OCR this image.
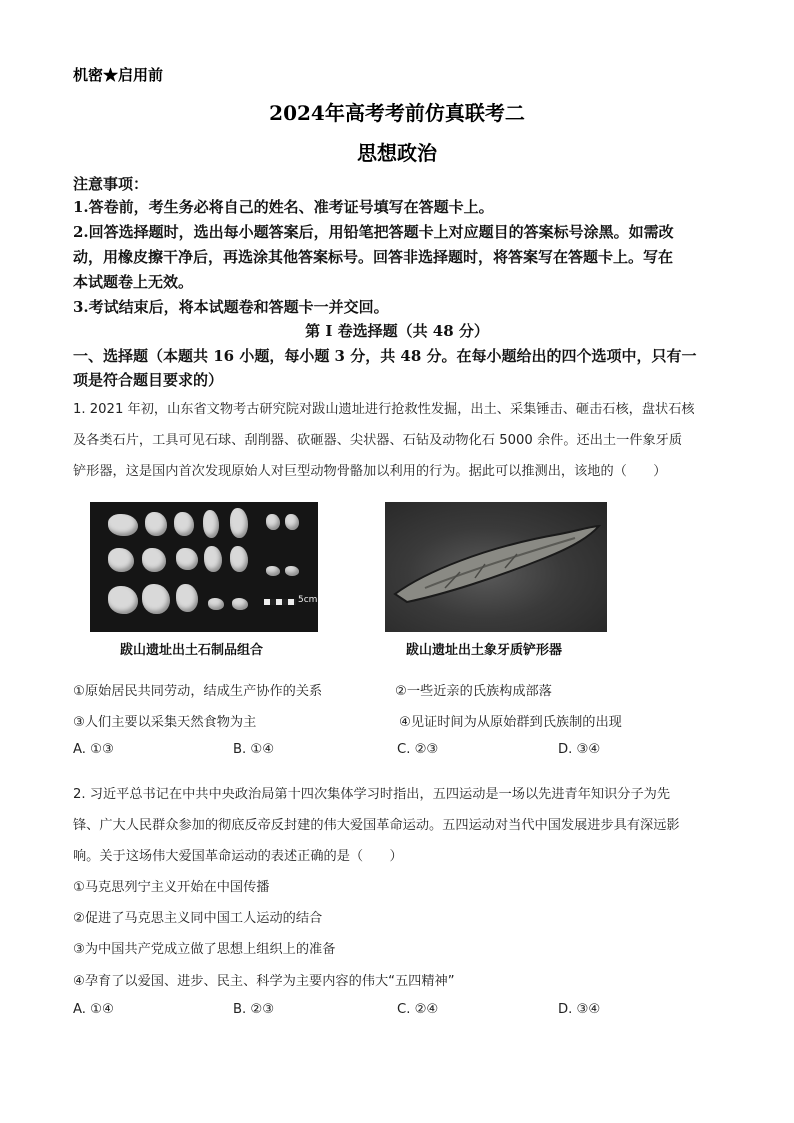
机密★启用前
2024年高考考前仿真联考二
思想政治
注意事项：
1.答卷前，考生务必将自己的姓名、准考证号填写在答题卡上。
2.回答选择题时，选出每小题答案后，用铅笔把答题卡上对应题目的答案标号涂黑。如需改
动，用橡皮擦干净后，再选涂其他答案标号。回答非选择题时，将答案写在答题卡上。写在
本试题卷上无效。
3.考试结束后，将本试题卷和答题卡一并交回。
第 I 卷选择题（共 48 分）
一、选择题（本题共 16 小题，每小题 3 分，共 48 分。在每小题给出的四个选项中，只有一
项是符合题目要求的）
1. 2021 年初，山东省文物考古研究院对跋山遗址进行抢救性发掘，出土、采集锤击、砸击石核，盘状石核
及各类石片，工具可见石球、刮削器、砍砸器、尖状器、石钻及动物化石 5000 余件。还出土一件象牙质
铲形器，这是国内首次发现原始人对巨型动物骨骼加以利用的行为。据此可以推测出，该地的（　　）
5cm
跋山遗址出土石制品组合	跋山遗址出土象牙质铲形器
①原始居民共同劳动，结成生产协作的关系	②一些近亲的氏族构成部落
③人们主要以采集天然食物为主	④见证时间为从原始群到氏族制的出现
A. ①③	B. ①④	C. ②③	D. ③④
2. 习近平总书记在中共中央政治局第十四次集体学习时指出，五四运动是一场以先进青年知识分子为先
锋、广大人民群众参加的彻底反帝反封建的伟大爱国革命运动。五四运动对当代中国发展进步具有深远影
响。关于这场伟大爱国革命运动的表述正确的是（　　）
①马克思列宁主义开始在中国传播
②促进了马克思主义同中国工人运动的结合
③为中国共产党成立做了思想上组织上的准备
④孕育了以爱国、进步、民主、科学为主要内容的伟大“五四精神”
A. ①④	B. ②③	C. ②④	D. ③④
